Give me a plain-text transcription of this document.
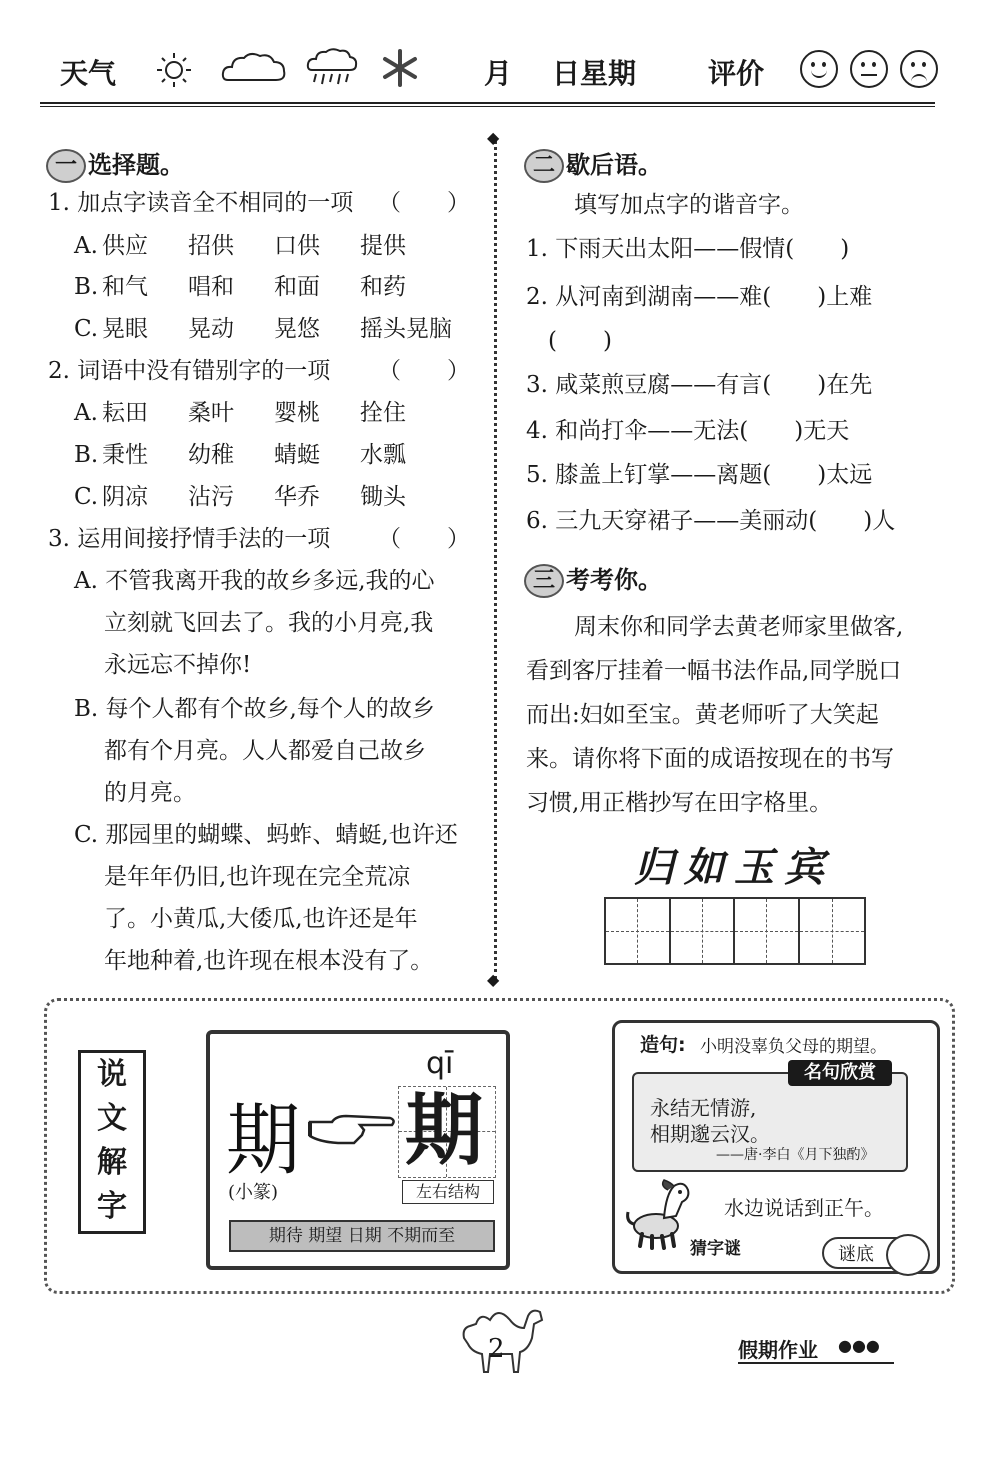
天气	月 日星期	评价
一 选择题。
1. 加点字读音全不相同的一项 （　　）
A. 供应 招供 口供 提供
B. 和气 唱和 和面 和药
C. 晃眼 晃动 晃悠 摇头晃脑
2. 词语中没有错别字的一项 （　　）
A. 耘田 桑叶 婴桃 拴住
B. 秉性 幼稚 蜻蜓 水瓢
C. 阴凉 沾污 华乔 锄头
3. 运用间接抒情手法的一项 （　　）
A. 不管我离开我的故乡多远,我的心
立刻就飞回去了。我的小月亮,我
永远忘不掉你!
B. 每个人都有个故乡,每个人的故乡
都有个月亮。人人都爱自己故乡
的月亮。
C. 那园里的蝴蝶、蚂蚱、蜻蜓,也许还
是年年仍旧,也许现在完全荒凉
了。小黄瓜,大倭瓜,也许还是年
年地种着,也许现在根本没有了。
◆
◆
二 歇后语。
填写加点字的谐音字。
1. 下雨天出太阳——假情(　　)
2. 从河南到湖南——难(　　)上难
(　　)
3. 咸菜煎豆腐——有言(　　)在先
4. 和尚打伞——无法(　　)无天
5. 膝盖上钉掌——离题(　　)太远
6. 三九天穿裙子——美丽动(　　)人
三 考考你。
周末你和同学去黄老师家里做客,
看到客厅挂着一幅书法作品,同学脱口
而出:妇如至宝。黄老师听了大笑起
来。请你将下面的成语按现在的书写
习惯,用正楷抄写在田字格里。
归如玉宾
说
文
解
字
期
(小篆)
qī
期
左右结构
期待 期望 日期 不期而至
造句: 小明没辜负父母的期望。
名句欣赏
永结无情游,
相期邈云汉。
——唐·李白《月下独酌》
水边说话到正午。
猜字谜	谜底
2	假期作业 ●●●
